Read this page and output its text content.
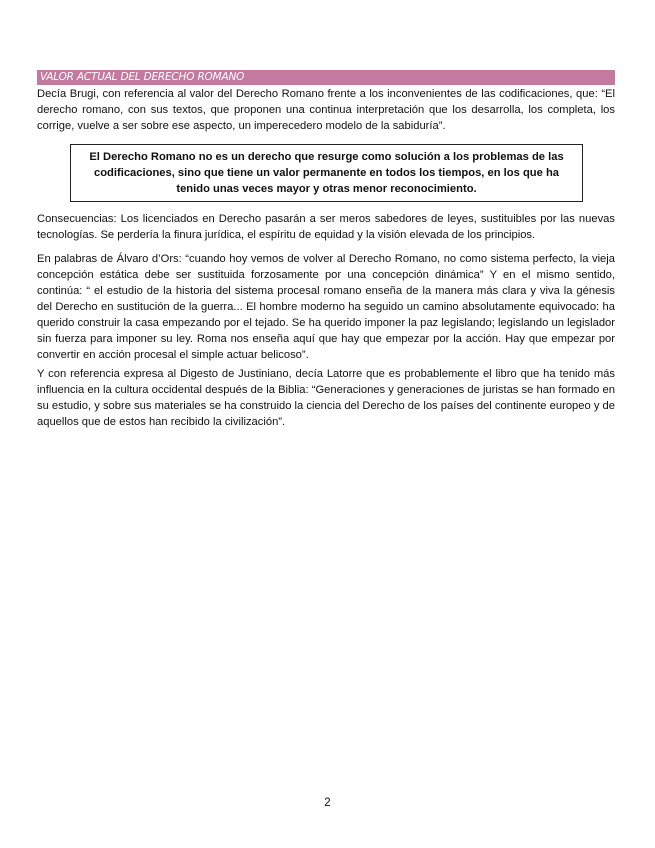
VALOR ACTUAL DEL DERECHO ROMANO

Decía Brugi, con referencia al valor del Derecho Romano frente a los inconvenientes de las codificaciones, que: “El derecho romano, con sus textos, que proponen una continua interpretación que los desarrolla, los completa, los corrige, vuelve a ser sobre ese aspecto, un imperecedero modelo de la sabiduría”.

El Derecho Romano no es un derecho que resurge como solución a los problemas de las codificaciones, sino que tiene un valor permanente en todos los tiempos, en los que ha tenido unas veces mayor y otras menor reconocimiento.

Consecuencias: Los licenciados en Derecho pasarán a ser meros sabedores de leyes, sustituibles por las nuevas tecnologías. Se perdería la finura jurídica, el espíritu de equidad y la visión elevada de los principios.

En palabras de Álvaro d’Ors: “cuando hoy vemos de volver al Derecho Romano, no como sistema perfecto, la vieja concepción estática debe ser sustituida forzosamente por una concepción dinámica” Y en el mismo sentido, continúa: “ el estudio de la historia del sistema procesal romano enseña de la manera más clara y viva la génesis del Derecho en sustitución de la guerra... El hombre moderno ha seguido un camino absolutamente equivocado: ha querido construir la casa empezando por el tejado. Se ha querido imponer la paz legislando; legislando un legislador sin fuerza para imponer su ley. Roma nos enseña aquí que hay que empezar por la acción. Hay que empezar por convertir en acción procesal el simple actuar belicoso”.

Y con referencia expresa al Digesto de Justiniano, decía Latorre que es probablemente el libro que ha tenido más influencia en la cultura occidental después de la Biblia: “Generaciones y generaciones de juristas se han formado en su estudio, y sobre sus materiales se ha construido la ciencia del Derecho de los países del continente europeo y de aquellos que de estos han recibido la civilización”.

2
